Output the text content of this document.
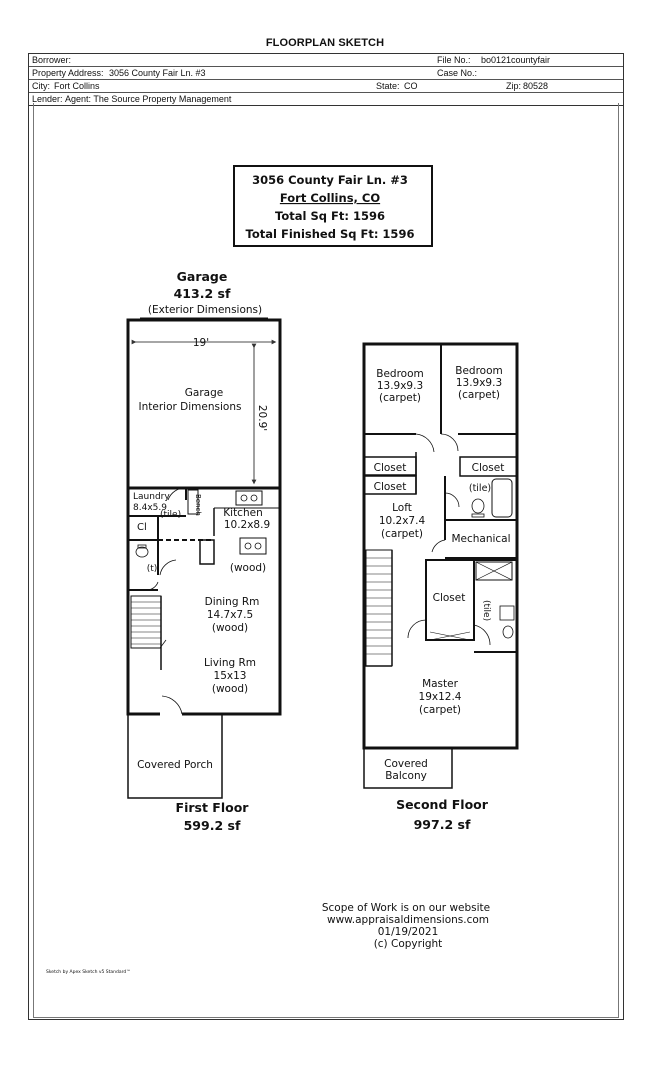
FLOORPLAN SKETCH
Borrower:	File No.: bo0121countyfair
Property Address: 3056 County Fair Ln. #3	Case No.:
City: Fort Collins	State: CO	Zip: 80528
Lender: Agent: The Source Property Management
3056 County Fair Ln. #3
Fort Collins, CO
Total Sq Ft: 1596
Total Finished Sq Ft: 1596
Garage
413.2 sf
(Exterior Dimensions)
Garage
Interior Dimensions
19'
20.9'
Laundry
8.4x5.9
(tile) Bench
Cl
Kitchen
10.2x8.9
(wood)
(t)
Dining Rm
14.7x7.5
(wood)
Living Rm
15x13
(wood)
Covered Porch
First Floor
599.2 sf
Bedroom
13.9x9.3
(carpet)
Bedroom
13.9x9.3
(carpet)
Closet
Closet
Closet
(tile)
Loft
10.2x7.4
(carpet)	Mechanical
Closet
(tile)
Master
19x12.4
(carpet)
Covered
Balcony
Second Floor
997.2 sf
Scope of Work is on our website
www.appraisaldimensions.com
01/19/2021
(c) Copyright
Sketch by Apex Sketch v5 Standard™
